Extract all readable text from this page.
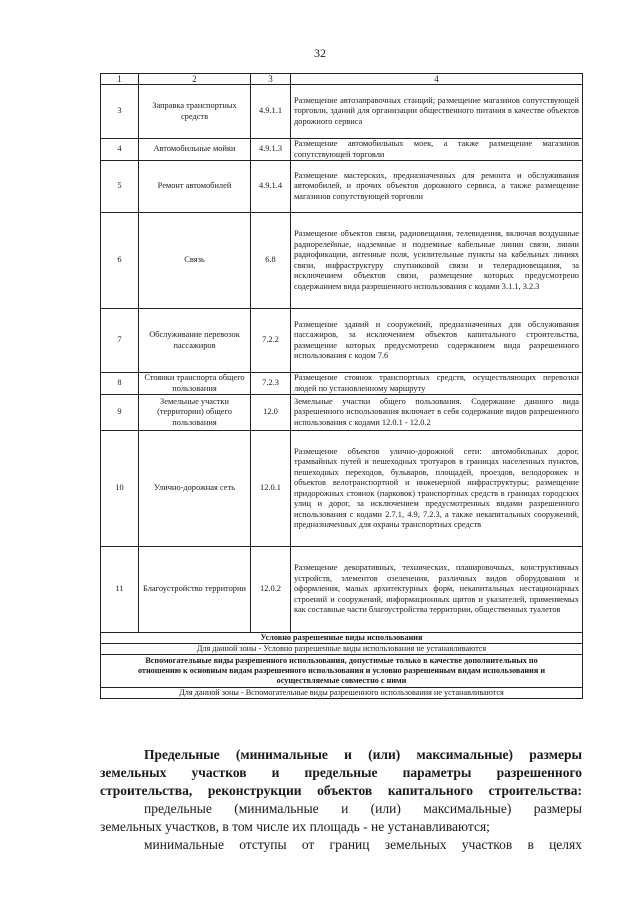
32
1	2	3	4
3	Заправка транспортных средств	4.9.1.1	Размещение автозаправочных станций; размещение магазинов сопутствующей торговли, зданий для организации общественного питания в качестве объектов дорожного сервиса
4	Автомобильные мойки	4.9.1.3	Размещение автомобильных моек, а также размещение магазинов сопутствующей торговли
5	Ремонт автомобилей	4.9.1.4	Размещение мастерских, предназначенных для ремонта и обслуживания автомобилей, и прочих объектов дорожного сервиса, а также размещение магазинов сопутствующей торговли
6	Связь	6.8	Размещение объектов связи, радиовещания, телевидения, включая воздушные радиорелейные, надземные и подземные кабельные линии связи, линии радиофикации, антенные поля, усилительные пункты на кабельных линиях связи, инфраструктуру спутниковой связи и телерадиовещания, за исключением объектов связи, размещение которых предусмотрено содержанием вида разрешенного использования с кодами 3.1.1, 3.2.3
7	Обслуживание перевозок пассажиров	7.2.2	Размещение зданий и сооружений, предназначенных для обслуживания пассажиров, за исключением объектов капитального строительства, размещение которых предусмотрено содержанием вида разрешенного использования с кодом 7.6
8	Стоянки транспорта общего пользования	7.2.3	Размещение стоянок транспортных средств, осуществляющих перевозки людей по установленному маршруту
9	Земельные участки (территории) общего пользования	12.0	Земельные участки общего пользования. Содержание данного вида разрешенного использования включает в себя содержание видов разрешенного использования с кодами 12.0.1 - 12.0.2
10	Улично-дорожная сеть	12.0.1	Размещение объектов улично-дорожной сети: автомобильных дорог, трамвайных путей и пешеходных тротуаров в границах населенных пунктов, пешеходных переходов, бульваров, площадей, проездов, велодорожек и объектов велотранспортной и инженерной инфраструктуры; размещение придорожных стоянок (парковок) транспортных средств в границах городских улиц и дорог, за исключением предусмотренных видами разрешенного использования с кодами 2.7.1, 4.9, 7.2.3, а также некапитальных сооружений, предназначенных для охраны транспортных средств
11	Благоустройство территории	12.0.2	Размещение декоративных, технических, планировочных, конструктивных устройств, элементов озеленения, различных видов оборудования и оформления, малых архитектурных форм, некапитальных нестационарных строений и сооружений, информационных щитов и указателей, применяемых как составные части благоустройства территории, общественных туалетов
Условно разрешенные виды использования			
Для данной зоны - Условно разрешенные виды использования не устанавливаются			
Вспомогательные виды разрешенного использования, допустимые только в качестве дополнительных по отношению к основным видам разрешенного использования и условно разрешенным видам использования и осуществляемые совместно с ними			
Для данной зоны - Вспомогательные виды разрешенного использования не устанавливаются			
Предельные (минимальные и (или) максимальные) размеры
земельных участков и предельные параметры разрешенного
строительства, реконструкции объектов капитального строительства:
предельные (минимальные и (или) максимальные) размеры
земельных участков, в том числе их площадь - не устанавливаются;
минимальные отступы от границ земельных участков в целях
